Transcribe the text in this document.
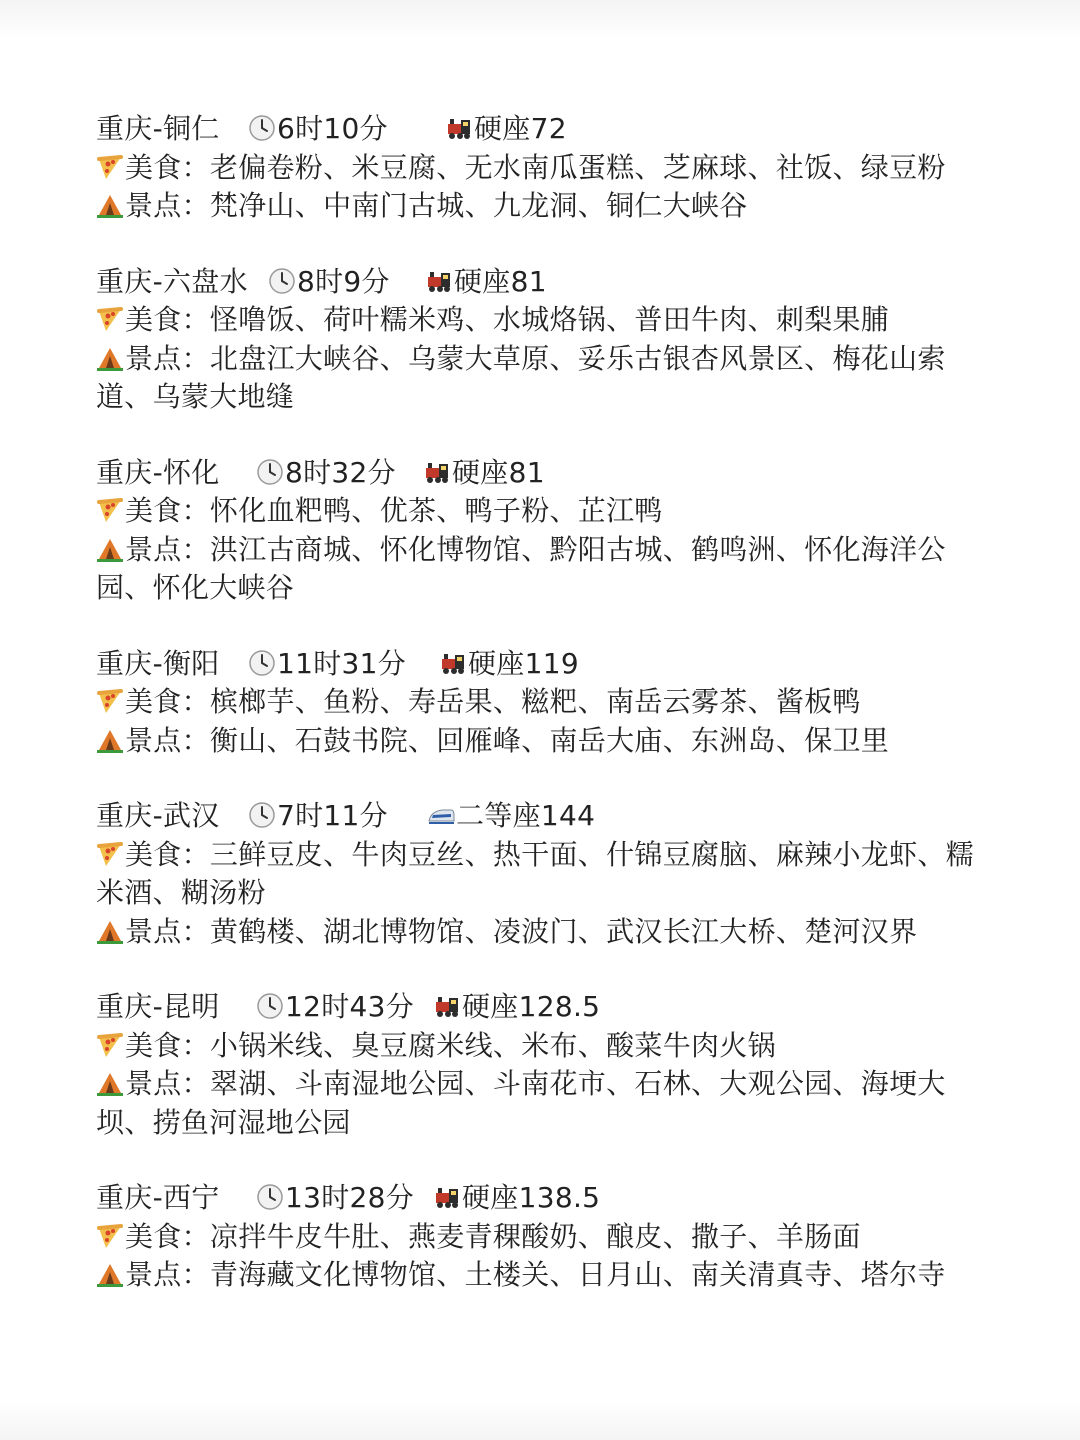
重庆-铜仁 6时10分	硬座72
美食：老偏卷粉、米豆腐、无水南瓜蛋糕、芝麻球、社饭、绿豆粉
景点：梵净山、中南门古城、九龙洞、铜仁大峡谷
重庆-六盘水 8时9分 硬座81
美食：怪噜饭、荷叶糯米鸡、水城烙锅、普田牛肉、刺梨果脯
景点：北盘江大峡谷、乌蒙大草原、妥乐古银杏风景区、梅花山索道、乌蒙大地缝
重庆-怀化 8时32分 硬座81
美食：怀化血粑鸭、优茶、鸭子粉、芷江鸭
景点：洪江古商城、怀化博物馆、黔阳古城、鹤鸣洲、怀化海洋公园、怀化大峡谷
重庆-衡阳 11时31分 硬座119
美食：槟榔芋、鱼粉、寿岳果、糍粑、南岳云雾茶、酱板鸭
景点：衡山、石鼓书院、回雁峰、南岳大庙、东洲岛、保卫里
重庆-武汉 7时11分 二等座144
美食：三鲜豆皮、牛肉豆丝、热干面、什锦豆腐脑、麻辣小龙虾、糯米酒、糊汤粉
景点：黄鹤楼、湖北博物馆、凌波门、武汉长江大桥、楚河汉界
重庆-昆明 12时43分 硬座128.5
美食：小锅米线、臭豆腐米线、米布、酸菜牛肉火锅
景点：翠湖、斗南湿地公园、斗南花市、石林、大观公园、海埂大坝、捞鱼河湿地公园
重庆-西宁 13时28分 硬座138.5
美食：凉拌牛皮牛肚、燕麦青稞酸奶、酿皮、撒子、羊肠面
景点：青海藏文化博物馆、土楼关、日月山、南关清真寺、塔尔寺
